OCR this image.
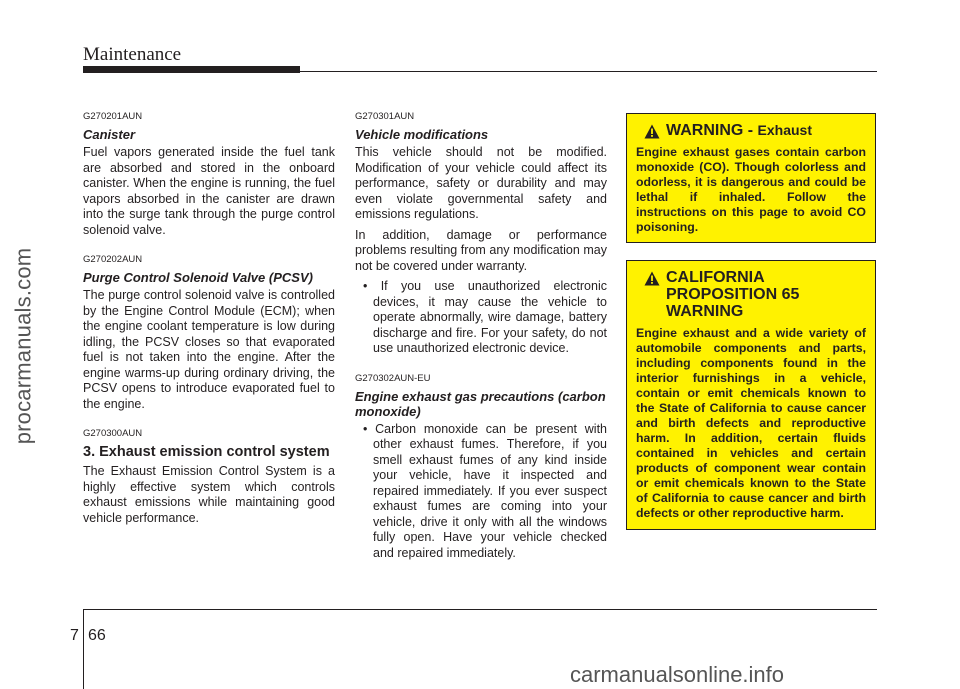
Maintenance
procarmanuals.com
G270201AUN
Canister
Fuel vapors generated inside the fuel tank are absorbed and stored in the onboard canister. When the engine is running, the fuel vapors absorbed in the canister are drawn into the surge tank through the purge control solenoid valve.
G270202AUN
Purge Control Solenoid Valve (PCSV)
The purge control solenoid valve is controlled by the Engine Control Module (ECM); when the engine coolant temperature is low during idling, the PCSV closes so that evaporated fuel is not taken into the engine. After the engine warms-up during ordinary driving, the PCSV opens to introduce evaporated fuel to the engine.
G270300AUN
3. Exhaust emission control system
The Exhaust Emission Control System is a highly effective system which controls exhaust emissions while maintaining good vehicle performance.
G270301AUN
Vehicle modifications
This vehicle should not be modified. Modification of your vehicle could affect its performance, safety or durability and may even violate governmental safety and emissions regulations.
In addition, damage or performance problems resulting from any modification may not be covered under warranty.
• If you use unauthorized electronic devices, it may cause the vehicle to operate abnormally, wire damage, battery discharge and fire. For your safety, do not use unauthorized electronic device.
G270302AUN-EU
Engine exhaust gas precautions (carbon monoxide)
• Carbon monoxide can be present with other exhaust fumes. Therefore, if you smell exhaust fumes of any kind inside your vehicle, have it inspected and repaired immediately. If you ever suspect exhaust fumes are coming into your vehicle, drive it only with all the windows fully open. Have your vehicle checked and repaired immediately.
WARNING - Exhaust
Engine exhaust gases contain carbon monoxide (CO). Though colorless and odorless, it is dangerous and could be lethal if inhaled. Follow the instructions on this page to avoid CO poisoning.
CALIFORNIA PROPOSITION 65 WARNING
Engine exhaust and a wide variety of automobile components and parts, including components found in the interior furnishings in a vehicle, contain or emit chemicals known to the State of California to cause cancer and birth defects and reproductive harm. In addition, certain fluids contained in vehicles and certain products of component wear contain or emit chemicals known to the State of California to cause cancer and birth defects or other reproductive harm.
7 66
carmanualsonline.info
